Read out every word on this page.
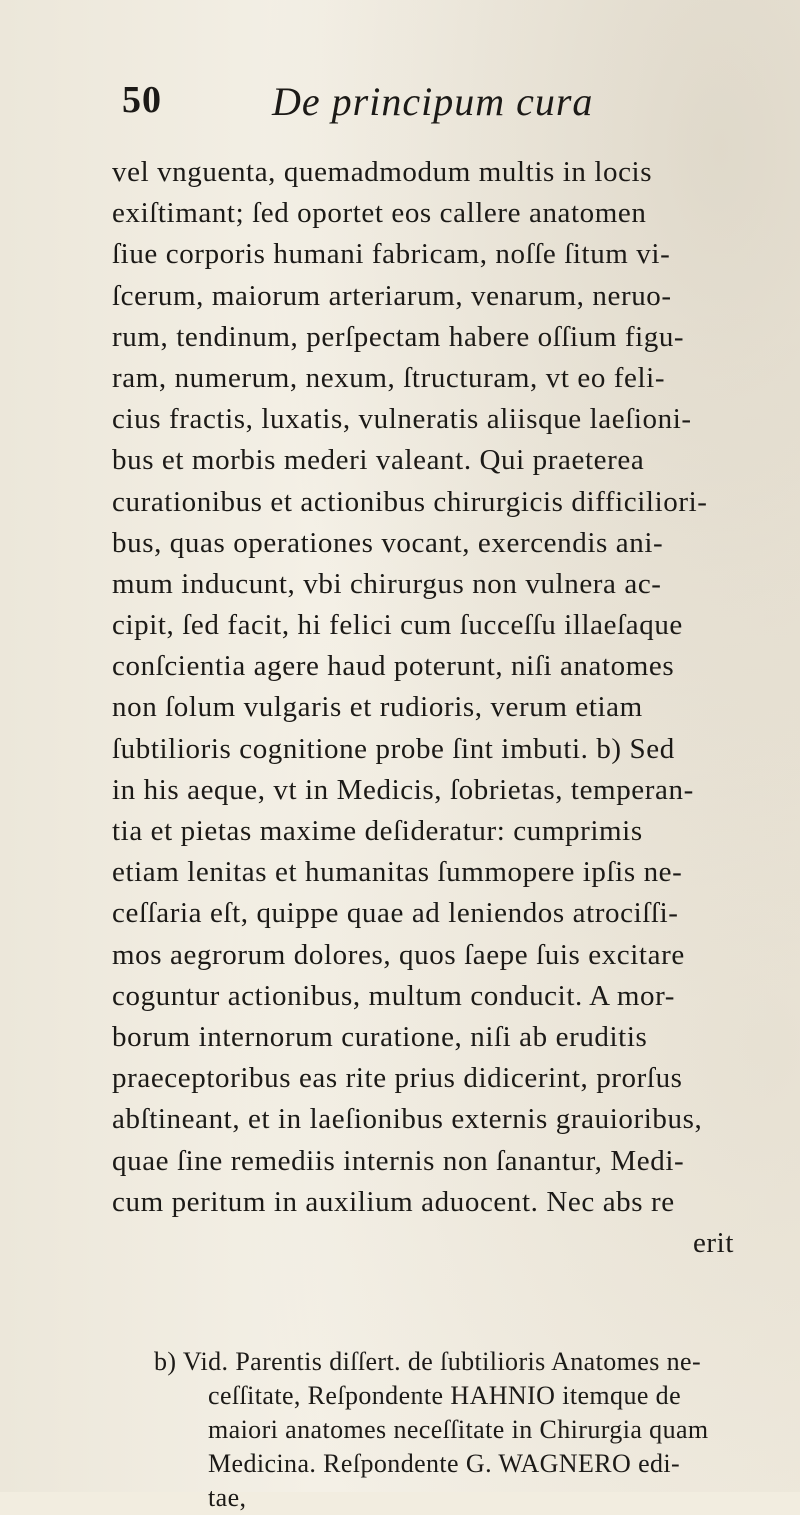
50	De principum cura
vel vnguenta, quemadmodum multis in locis
exiſtimant; ſed oportet eos callere anatomen
ſiue corporis humani fabricam, noſſe ſitum vi-
ſcerum, maiorum arteriarum, venarum, neruo-
rum, tendinum, perſpectam habere oſſium figu-
ram, numerum, nexum, ſtructuram, vt eo feli-
cius fractis, luxatis, vulneratis aliisque laeſioni-
bus et morbis mederi valeant. Qui praeterea
curationibus et actionibus chirurgicis difficiliori-
bus, quas operationes vocant, exercendis ani-
mum inducunt, vbi chirurgus non vulnera ac-
cipit, ſed facit, hi felici cum ſucceſſu illaeſaque
conſcientia agere haud poterunt, niſi anatomes
non ſolum vulgaris et rudioris, verum etiam
ſubtilioris cognitione probe ſint imbuti. b) Sed
in his aeque, vt in Medicis, ſobrietas, temperan-
tia et pietas maxime deſideratur: cumprimis
etiam lenitas et humanitas ſummopere ipſis ne-
ceſſaria eſt, quippe quae ad leniendos atrociſſi-
mos aegrorum dolores, quos ſaepe ſuis excitare
coguntur actionibus, multum conducit. A mor-
borum internorum curatione, niſi ab eruditis
praeceptoribus eas rite prius didicerint, prorſus
abſtineant, et in laeſionibus externis grauioribus,
quae ſine remediis internis non ſanantur, Medi-
cum peritum in auxilium aduocent. Nec abs re
erit
b) Vid. Parentis diſſert. de ſubtilioris Anatomes ne-
ceſſitate, Reſpondente HAHNIO itemque de
maiori anatomes neceſſitate in Chirurgia quam
Medicina. Reſpondente G. WAGNERO edi-
tae,
